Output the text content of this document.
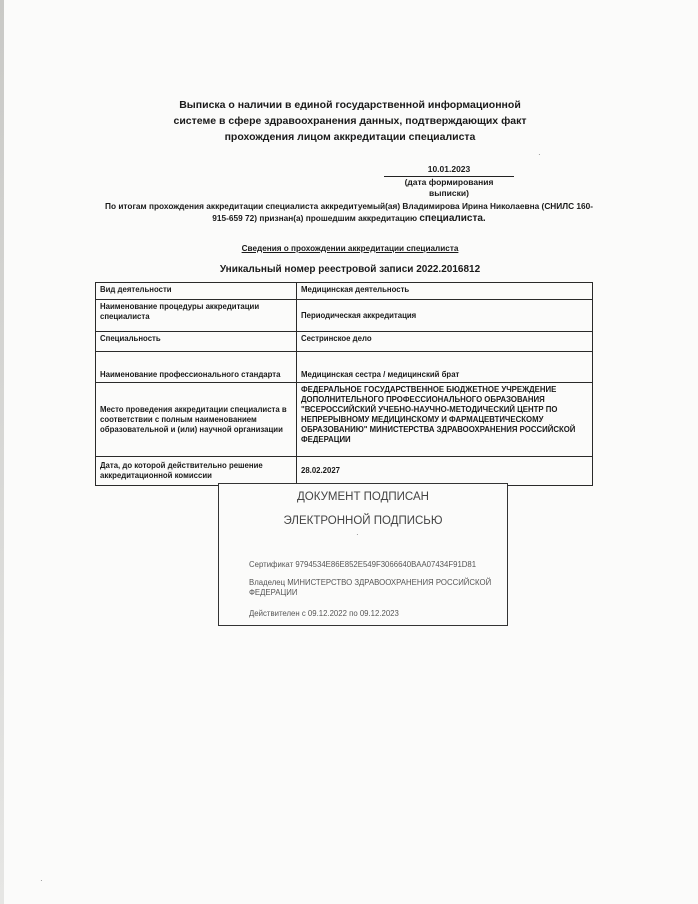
Выписка о наличии в единой государственной информационной
системе в сфере здравоохранения данных, подтверждающих факт
прохождения лицом аккредитации специалиста
10.01.2023
(дата формирования выписки)
По итогам прохождения аккредитации специалиста аккредитуемый(ая) Владимирова Ирина Николаевна (СНИЛС 160-
915-659 72) признан(а) прошедшим аккредитацию специалиста.
Сведения о прохождении аккредитации специалиста
Уникальный номер реестровой записи 2022.2016812
Вид деятельности	Медицинская деятельность
Наименование процедуры аккредитации специалиста	Периодическая аккредитация
Специальность	Сестринское дело
Наименование профессионального стандарта	Медицинская сестра / медицинский брат
Место проведения аккредитации специалиста в соответствии с полным наименованием образовательной и (или) научной организации	ФЕДЕРАЛЬНОЕ ГОСУДАРСТВЕННОЕ БЮДЖЕТНОЕ УЧРЕЖДЕНИЕ ДОПОЛНИТЕЛЬНОГО ПРОФЕССИОНАЛЬНОГО ОБРАЗОВАНИЯ "ВСЕРОССИЙСКИЙ УЧЕБНО-НАУЧНО-МЕТОДИЧЕСКИЙ ЦЕНТР ПО НЕПРЕРЫВНОМУ МЕДИЦИНСКОМУ И ФАРМАЦЕВТИЧЕСКОМУ ОБРАЗОВАНИЮ" МИНИСТЕРСТВА ЗДРАВООХРАНЕНИЯ РОССИЙСКОЙ ФЕДЕРАЦИИ
Дата, до которой действительно решение аккредитационной комиссии	28.02.2027
ДОКУМЕНТ ПОДПИСАН
ЭЛЕКТРОННОЙ ПОДПИСЬЮ
Сертификат 9794534E86E852E549F3066640BAA07434F91D81
Владелец МИНИСТЕРСТВО ЗДРАВООХРАНЕНИЯ РОССИЙСКОЙ ФЕДЕРАЦИИ
Действителен с 09.12.2022 по 09.12.2023
·
·
·
